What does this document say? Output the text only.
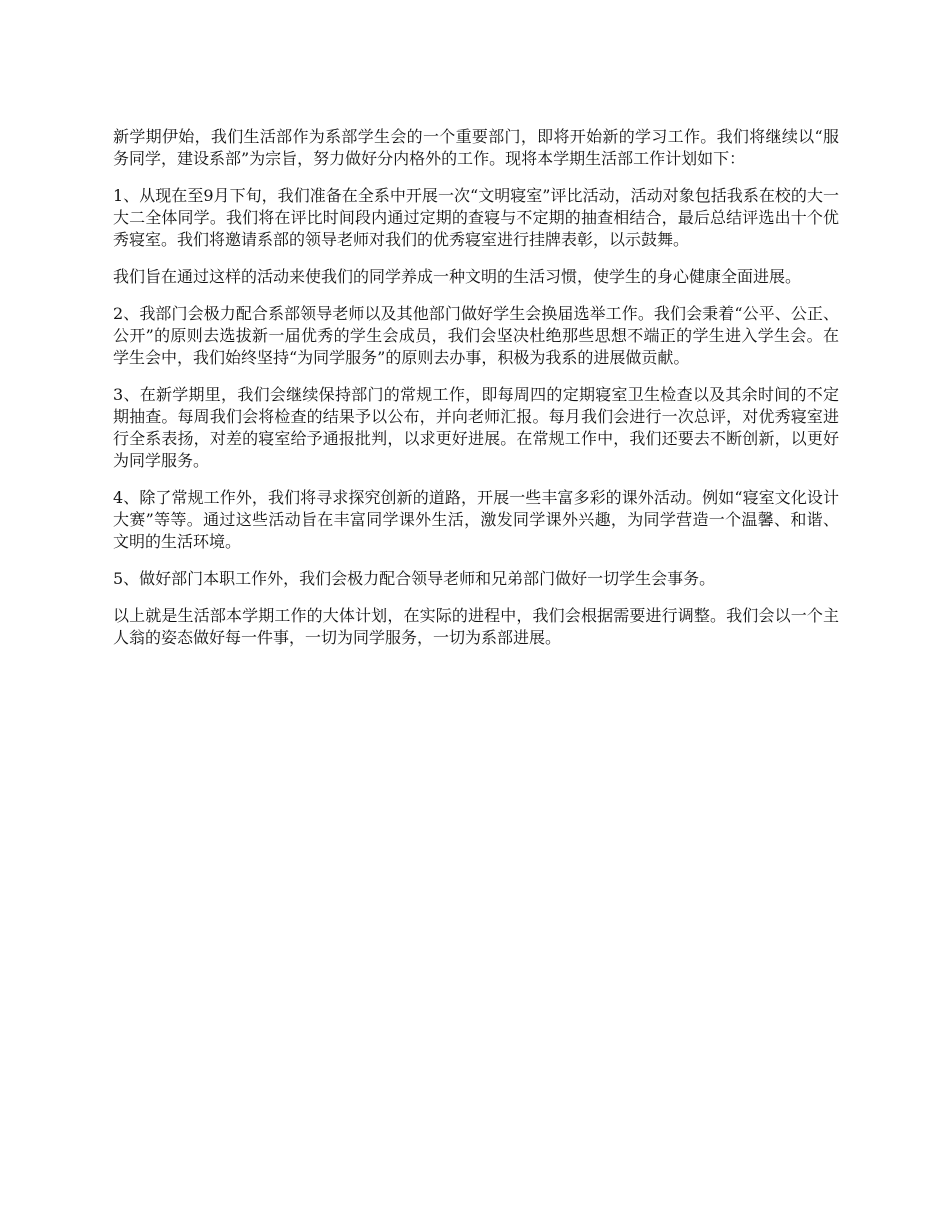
新学期伊始，我们生活部作为系部学生会的一个重要部门，即将开始新的学习工作。我们将继续以“服务同学，建设系部”为宗旨，努力做好分内格外的工作。现将本学期生活部工作计划如下：

1、从现在至9月下旬，我们准备在全系中开展一次“文明寝室”评比活动，活动对象包括我系在校的大一大二全体同学。我们将在评比时间段内通过定期的查寝与不定期的抽查相结合，最后总结评选出十个优秀寝室。我们将邀请系部的领导老师对我们的优秀寝室进行挂牌表彰，以示鼓舞。

我们旨在通过这样的活动来使我们的同学养成一种文明的生活习惯，使学生的身心健康全面进展。

2、我部门会极力配合系部领导老师以及其他部门做好学生会换届选举工作。我们会秉着“公平、公正、公开”的原则去选拔新一届优秀的学生会成员，我们会坚决杜绝那些思想不端正的学生进入学生会。在学生会中，我们始终坚持“为同学服务”的原则去办事，积极为我系的进展做贡献。

3、在新学期里，我们会继续保持部门的常规工作，即每周四的定期寝室卫生检查以及其余时间的不定期抽查。每周我们会将检查的结果予以公布，并向老师汇报。每月我们会进行一次总评，对优秀寝室进行全系表扬，对差的寝室给予通报批判，以求更好进展。在常规工作中，我们还要去不断创新，以更好为同学服务。

4、除了常规工作外，我们将寻求探究创新的道路，开展一些丰富多彩的课外活动。例如“寝室文化设计大赛”等等。通过这些活动旨在丰富同学课外生活，激发同学课外兴趣，为同学营造一个温馨、和谐、文明的生活环境。

5、做好部门本职工作外，我们会极力配合领导老师和兄弟部门做好一切学生会事务。

以上就是生活部本学期工作的大体计划，在实际的进程中，我们会根据需要进行调整。我们会以一个主人翁的姿态做好每一件事，一切为同学服务，一切为系部进展。
